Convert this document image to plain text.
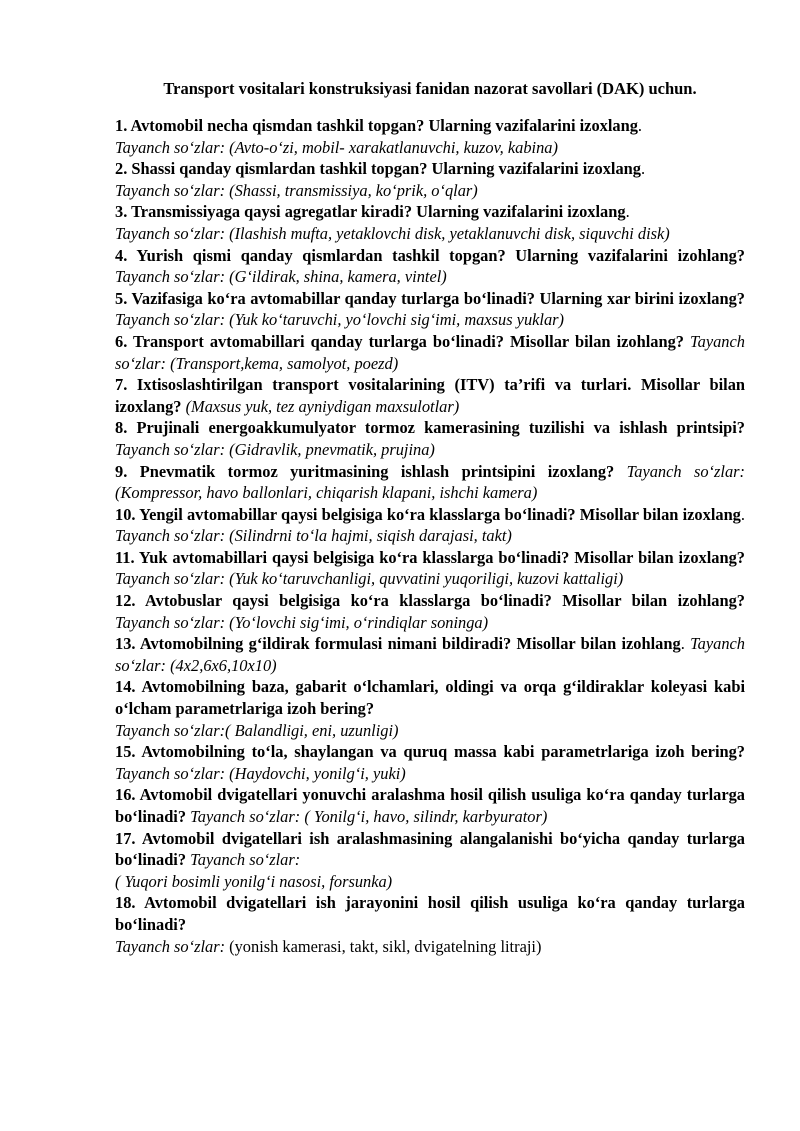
Transport vositalari konstruksiyasi fanidan nazorat savollari (DAK) uchun.
1. Avtomobil necha qismdan tashkil topgan? Ularning vazifalarini izoxlang.
Tayanch so‘zlar: (Avto-o‘zi, mobil- xarakatlanuvchi, kuzov, kabina)
2. Shassi qanday qismlardan tashkil topgan? Ularning vazifalarini izoxlang.
Tayanch so‘zlar: (Shassi, transmissiya, ko‘prik, o‘qlar)
3. Transmissiyaga qaysi agregatlar kiradi? Ularning vazifalarini izoxlang.
Tayanch so‘zlar: (Ilashish mufta, yetaklovchi disk, yetaklanuvchi disk, siquvchi disk)
4. Yurish qismi qanday qismlardan tashkil topgan? Ularning vazifalarini izohlang? Tayanch so‘zlar: (G‘ildirak, shina, kamera, vintel)
5. Vazifasiga ko‘ra avtomabillar qanday turlarga bo‘linadi? Ularning xar birini izoxlang? Tayanch so‘zlar: (Yuk ko‘taruvchi, yo‘lovchi sig‘imi, maxsus yuklar)
6. Transport avtomabillari qanday turlarga bo‘linadi? Misollar bilan izohlang? Tayanch so‘zlar: (Transport,kema, samolyot, poezd)
7. Ixtisoslashtirilgan transport vositalarining (ITV) ta’rifi va turlari. Misollar bilan izoxlang? (Maxsus yuk, tez ayniydigan maxsulotlar)
8. Prujinali energoakkumulyator tormoz kamerasining tuzilishi va ishlash printsipi? Tayanch so‘zlar: (Gidravlik, pnevmatik, prujina)
9. Pnevmatik tormoz yuritmasining ishlash printsipini izoxlang? Tayanch so‘zlar: (Kompressor, havo ballonlari, chiqarish klapani, ishchi kamera)
10. Yengil avtomabillar qaysi belgisiga ko‘ra klasslarga bo‘linadi? Misollar bilan izoxlang. Tayanch so‘zlar: (Silindrni to‘la hajmi, siqish darajasi, takt)
11. Yuk avtomabillari qaysi belgisiga ko‘ra klasslarga bo‘linadi? Misollar bilan izoxlang? Tayanch so‘zlar: (Yuk ko‘taruvchanligi, quvvatini yuqoriligi, kuzovi kattaligi)
12. Avtobuslar qaysi belgisiga ko‘ra klasslarga bo‘linadi? Misollar bilan izohlang? Tayanch so‘zlar: (Yo‘lovchi sig‘imi, o‘rindiqlar soninga)
13. Avtomobilning g‘ildirak formulasi nimani bildiradi? Misollar bilan izohlang. Tayanch so‘zlar: (4x2,6x6,10x10)
14. Avtomobilning baza, gabarit o‘lchamlari, oldingi va orqa g‘ildiraklar koleyasi kabi o‘lcham parametrlariga izoh bering?
Tayanch so‘zlar:( Balandligi, eni, uzunligi)
15. Avtomobilning to‘la, shaylangan va quruq massa kabi parametrlariga izoh bering? Tayanch so‘zlar: (Haydovchi, yonilg‘i, yuki)
16. Avtomobil dvigatellari yonuvchi aralashma hosil qilish usuliga ko‘ra qanday turlarga bo‘linadi? Tayanch so‘zlar: ( Yonilg‘i, havo, silindr, karbyurator)
17. Avtomobil dvigatellari ish aralashmasining alangalanishi bo‘yicha qanday turlarga bo‘linadi? Tayanch so‘zlar:
( Yuqori bosimli yonilg‘i nasosi, forsunka)
18. Avtomobil dvigatellari ish jarayonini hosil qilish usuliga ko‘ra qanday turlarga bo‘linadi?
Tayanch so‘zlar: (yonish kamerasi, takt, sikl, dvigatelning litraji)
